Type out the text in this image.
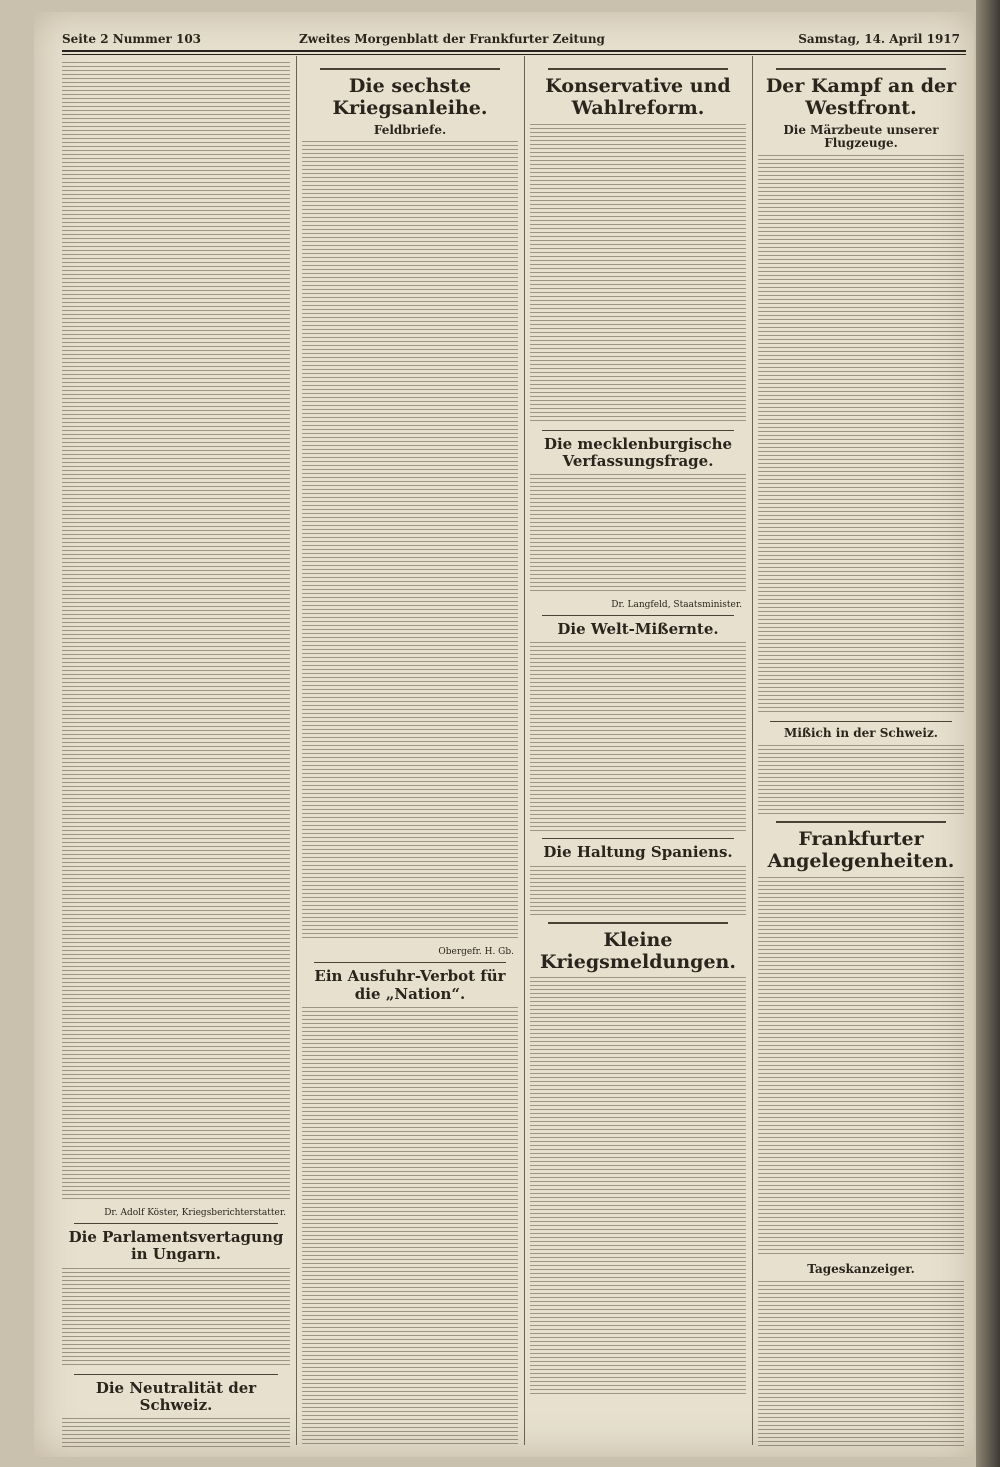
Seite 2 Nummer 103	Zweites Morgenblatt der Frankfurter Zeitung	Samstag, 14. April 1917
Dr. Adolf Köster, Kriegsberichterstatter.
Die Parlamentsvertagung in Ungarn.
Die Neutralität der Schweiz.
Die sechste Kriegsanleihe.
Feldbriefe.
Obergefr. H. Gb.
Ein Ausfuhr-Verbot für die „Nation“.
Konservative und Wahlreform.
Die mecklenburgische Verfassungsfrage.
Dr. Langfeld, Staatsminister.
Die Welt-Mißernte.
Die Haltung Spaniens.
Kleine Kriegsmeldungen.
Der Kampf an der Westfront.
Die Märzbeute unserer Flugzeuge.
Mißich in der Schweiz.
Frankfurter Angelegenheiten.
Tageskanzeiger.
